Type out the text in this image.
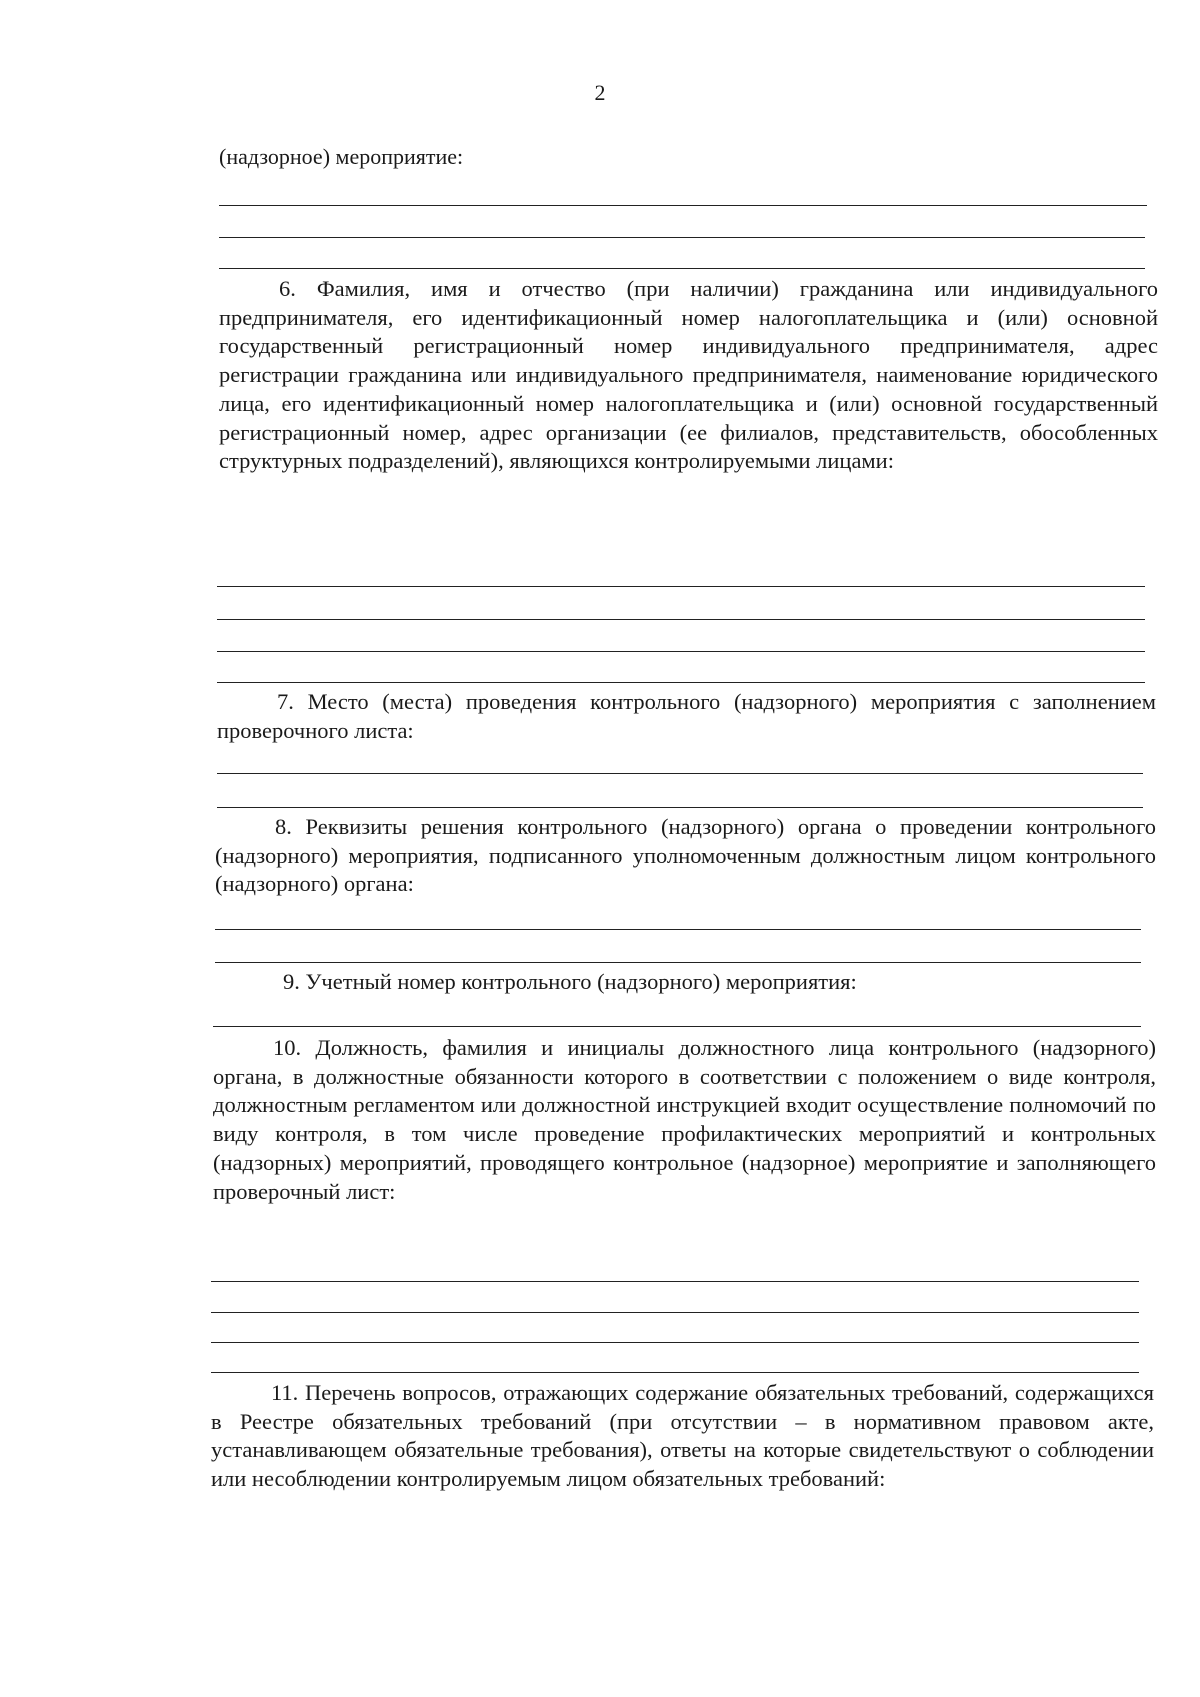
2
(надзорное) мероприятие:

6. Фамилия, имя и отчество (при наличии) гражданина или индивидуального предпринимателя, его идентификационный номер налогоплательщика и (или) основной государственный регистрационный номер индивидуального предпринимателя, адрес регистрации гражданина или индивидуального предпринимателя, наименование юридического лица, его идентификационный номер налогоплательщика и (или) основной государственный регистрационный номер, адрес организации (ее филиалов, представительств, обособленных структурных подразделений), являющихся контролируемыми лицами:

7. Место (места) проведения контрольного (надзорного) мероприятия с заполнением проверочного листа:

8. Реквизиты решения контрольного (надзорного) органа о проведении контрольного (надзорного) мероприятия, подписанного уполномоченным должностным лицом контрольного (надзорного) органа:

9. Учетный номер контрольного (надзорного) мероприятия:

10. Должность, фамилия и инициалы должностного лица контрольного (надзорного) органа, в должностные обязанности которого в соответствии с положением о виде контроля, должностным регламентом или должностной инструкцией входит осуществление полномочий по виду контроля, в том числе проведение профилактических мероприятий и контрольных (надзорных) мероприятий, проводящего контрольное (надзорное) мероприятие и заполняющего проверочный лист:

11. Перечень вопросов, отражающих содержание обязательных требований, содержащихся в Реестре обязательных требований (при отсутствии – в нормативном правовом акте, устанавливающем обязательные требования), ответы на которые свидетельствуют о соблюдении или несоблюдении контролируемым лицом обязательных требований:
